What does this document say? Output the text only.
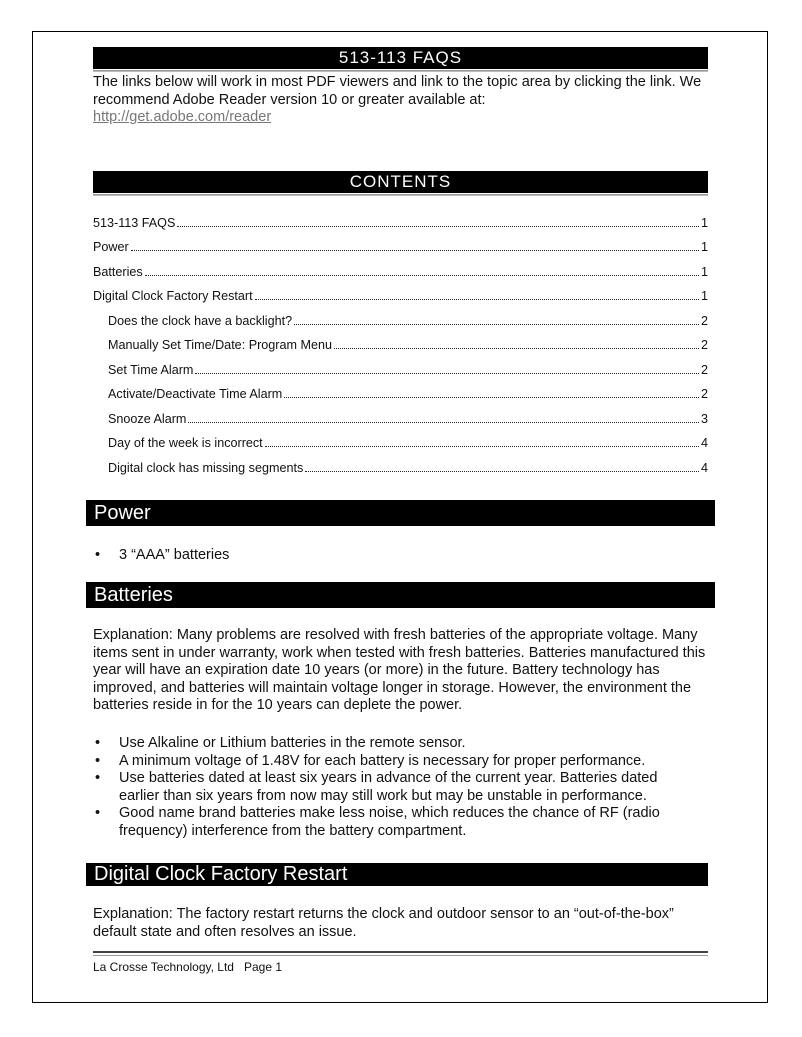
513-113 FAQS

The links below will work in most PDF viewers and link to the topic area by clicking the link. We recommend Adobe Reader version 10 or greater available at:
http://get.adobe.com/reader

CONTENTS
513-113 FAQS	1
Power	1
Batteries	1
Digital Clock Factory Restart	1
Does the clock have a backlight?	2
Manually Set Time/Date: Program Menu	2
Set Time Alarm	2
Activate/Deactivate Time Alarm	2
Snooze Alarm	3
Day of the week is incorrect	4
Digital clock has missing segments	4
Power
• 3 “AAA” batteries
Batteries

Explanation: Many problems are resolved with fresh batteries of the appropriate voltage. Many items sent in under warranty, work when tested with fresh batteries. Batteries manufactured this year will have an expiration date 10 years (or more) in the future. Battery technology has improved, and batteries will maintain voltage longer in storage. However, the environment the batteries reside in for the 10 years can deplete the power.

• Use Alkaline or Lithium batteries in the remote sensor.
• A minimum voltage of 1.48V for each battery is necessary for proper performance.
• Use batteries dated at least six years in advance of the current year. Batteries dated earlier than six years from now may still work but may be unstable in performance.
• Good name brand batteries make less noise, which reduces the chance of RF (radio frequency) interference from the battery compartment.
Digital Clock Factory Restart

Explanation: The factory restart returns the clock and outdoor sensor to an “out-of-the-box” default state and often resolves an issue.

La Crosse Technology, Ltd   Page 1
